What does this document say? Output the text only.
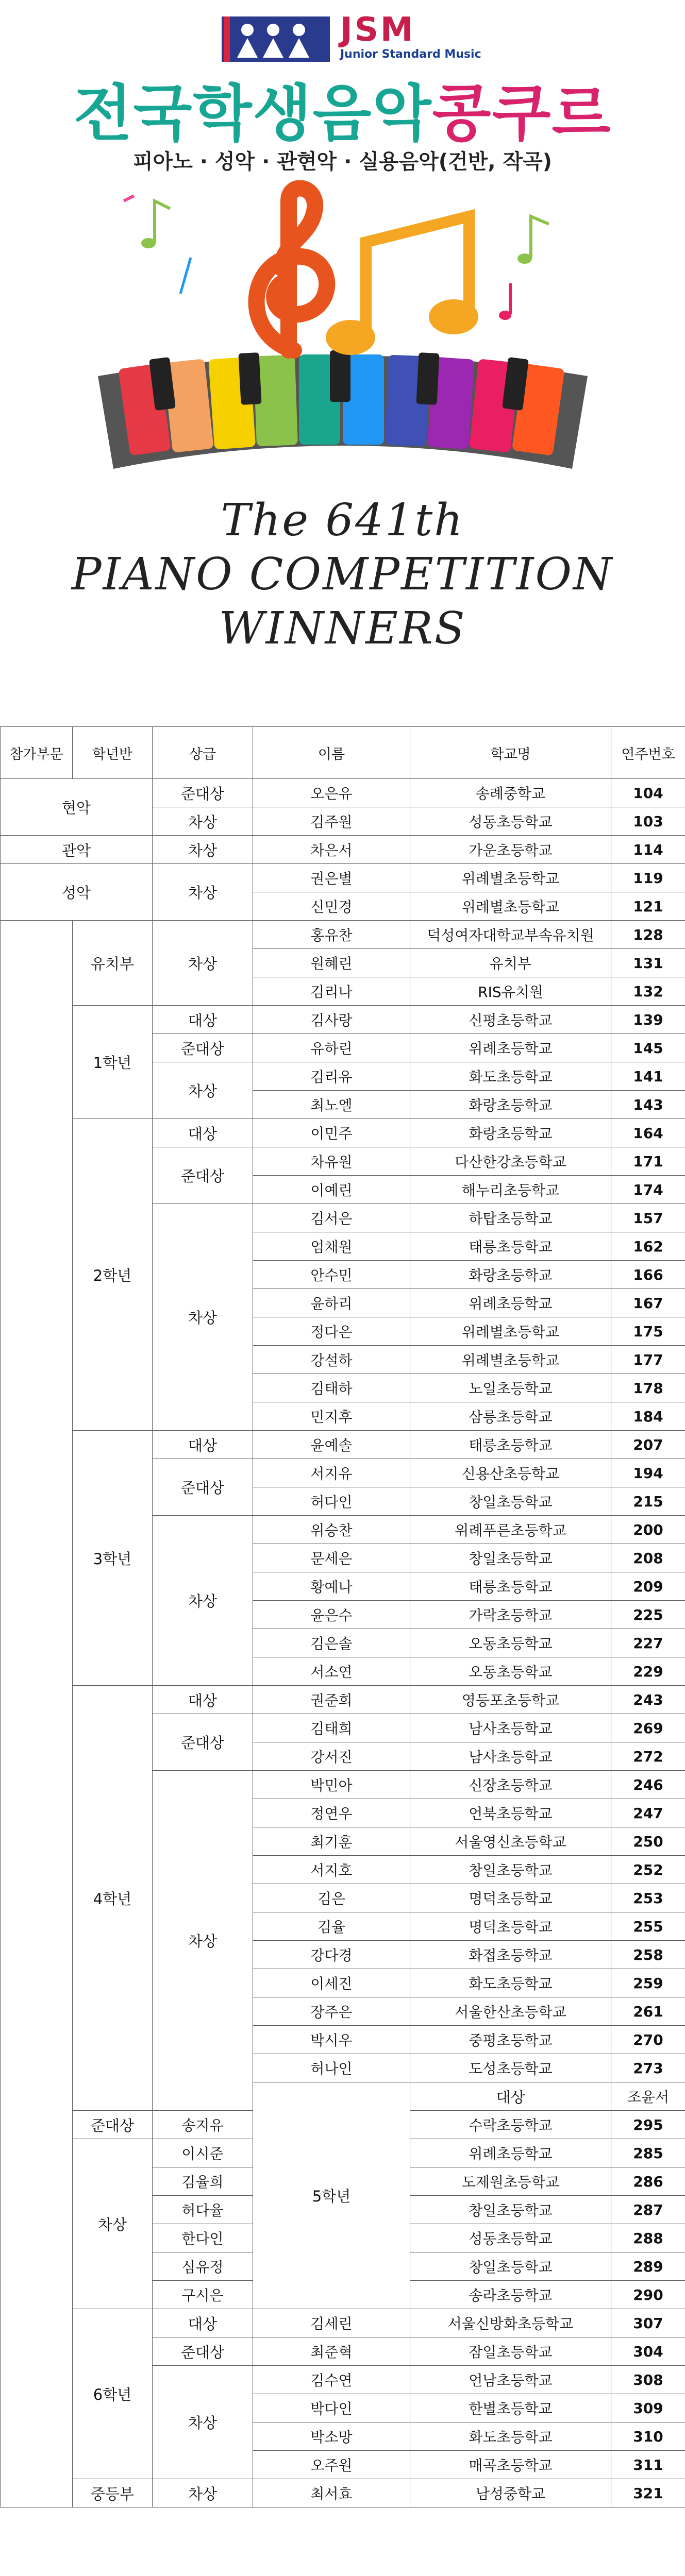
JSM
Junior Standard Music
전국학생음악콩쿠르
피아노 · 성악 · 관현악 · 실용음악(건반, 작곡)
The 641th
PIANO COMPETITION
WINNERS
참가부문	학년반	상급	이름	학교명	연주번호	
현악		준대상	오은유	송례중학교	104	
		차상	김주원	성동초등학교	103	
관악		차상	차은서	가운초등학교	114	
성악		차상	권은별	위례별초등학교	119	
			신민경	위례별초등학교	121	
	유치부	차상	홍유찬	덕성여자대학교부속유치원	128	
			원혜린	유치부	131	
			김리나	RIS유치원	132	
	1학년	대상	김사랑	신평초등학교	139	
		준대상	유하린	위례초등학교	145	
		차상	김리유	화도초등학교	141	
			최노엘	화랑초등학교	143	
	2학년	대상	이민주	화랑초등학교	164	
		준대상	차유원	다산한강초등학교	171	
			이예린	해누리초등학교	174	
		차상	김서은	하탑초등학교	157	
			엄채원	태릉초등학교	162	
			안수민	화랑초등학교	166	
			윤하리	위례초등학교	167	
			정다은	위례별초등학교	175	
			강설하	위례별초등학교	177	
			김태하	노일초등학교	178	
			민지후	삼릉초등학교	184	
	3학년	대상	윤예솔	태릉초등학교	207	
		준대상	서지유	신용산초등학교	194	
			허다인	창일초등학교	215	
		차상	위승찬	위례푸른초등학교	200	
			문세은	창일초등학교	208	
			황예나	태릉초등학교	209	
			윤은수	가락초등학교	225	
			김은솔	오동초등학교	227	
			서소연	오동초등학교	229	
	4학년	대상	권준희	영등포초등학교	243	
		준대상	김태희	남사초등학교	269	
			강서진	남사초등학교	272	
		차상	박민아	신장초등학교	246	
			정연우	언북초등학교	247	
			최기훈	서울영신초등학교	250	
			서지호	창일초등학교	252	
			김은	명덕초등학교	253	
			김율	명덕초등학교	255	
			강다경	화접초등학교	258	
			이세진	화도초등학교	259	
			장주은	서울한산초등학교	261	
			박시우	중평초등학교	270	
			허나인	도성초등학교	273	
			5학년	대상	조윤서		
	준대상	송지유		수락초등학교	295	
	차상	이시준		위례초등학교	285	
		김율희		도제원초등학교	286	
		허다율		창일초등학교	287	
		한다인		성동초등학교	288	
		심유정		창일초등학교	289	
		구시은		송라초등학교	290	
	6학년	대상	김세린	서울신방화초등학교	307	
		준대상	최준혁	잠일초등학교	304	
		차상	김수연	언남초등학교	308	
			박다인	한별초등학교	309	
			박소망	화도초등학교	310	
			오주원	매곡초등학교	311	
	중등부	차상	최서효	남성중학교	321	
